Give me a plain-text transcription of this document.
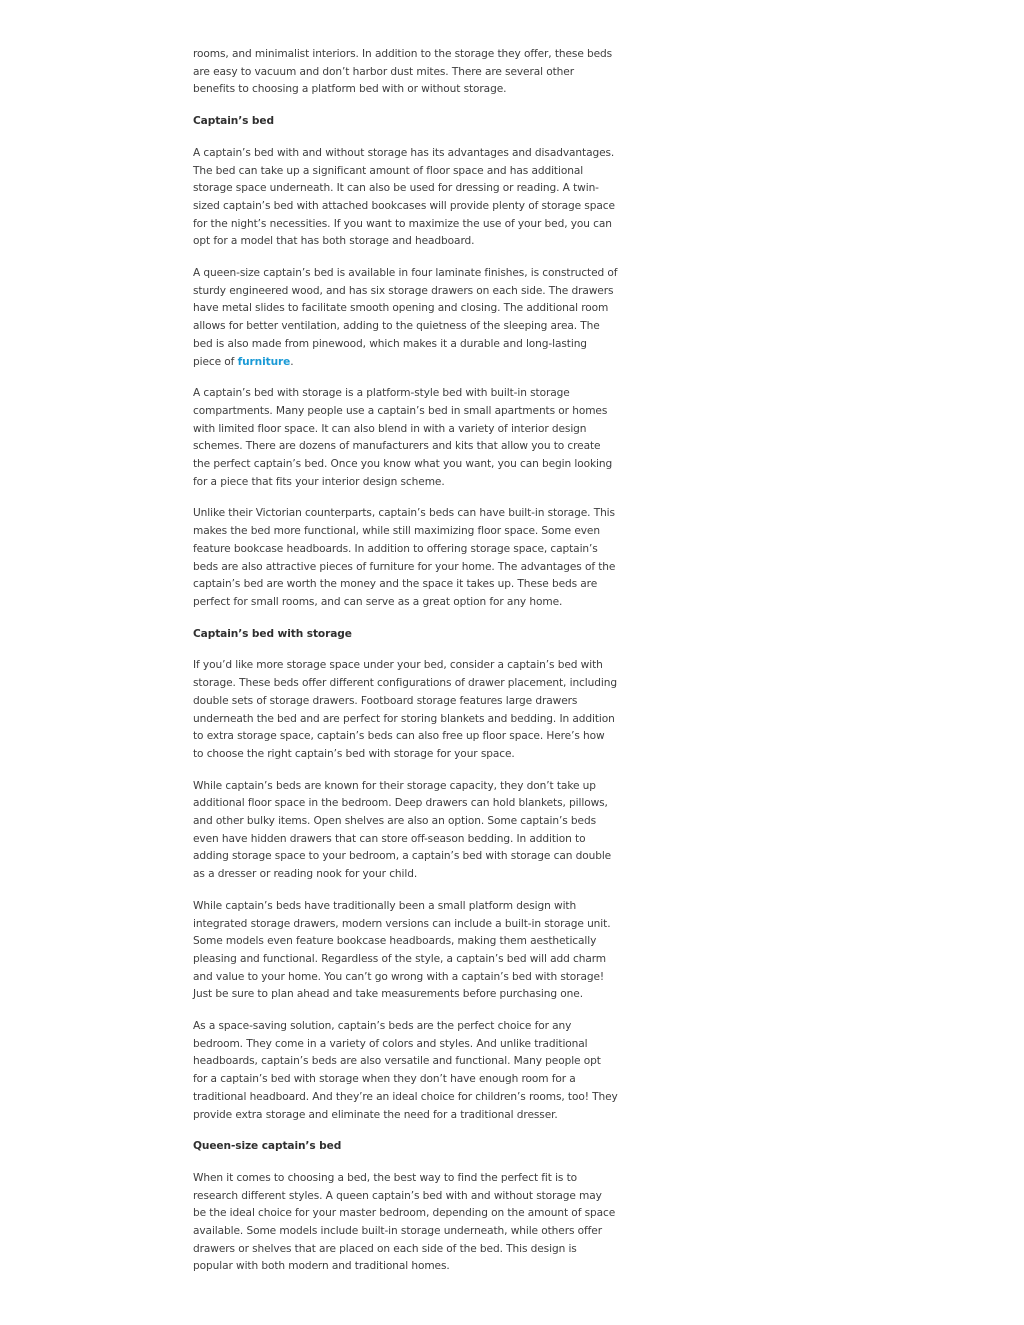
rooms, and minimalist interiors. In addition to the storage they offer, these beds are easy to vacuum and don’t harbor dust mites. There are several other benefits to choosing a platform bed with or without storage.

Captain’s bed

A captain’s bed with and without storage has its advantages and disadvantages. The bed can take up a significant amount of floor space and has additional storage space underneath. It can also be used for dressing or reading. A twin-sized captain’s bed with attached bookcases will provide plenty of storage space for the night’s necessities. If you want to maximize the use of your bed, you can opt for a model that has both storage and headboard.

A queen-size captain’s bed is available in four laminate finishes, is constructed of sturdy engineered wood, and has six storage drawers on each side. The drawers have metal slides to facilitate smooth opening and closing. The additional room allows for better ventilation, adding to the quietness of the sleeping area. The bed is also made from pinewood, which makes it a durable and long-lasting piece of furniture.

A captain’s bed with storage is a platform-style bed with built-in storage compartments. Many people use a captain’s bed in small apartments or homes with limited floor space. It can also blend in with a variety of interior design schemes. There are dozens of manufacturers and kits that allow you to create the perfect captain’s bed. Once you know what you want, you can begin looking for a piece that fits your interior design scheme.

Unlike their Victorian counterparts, captain’s beds can have built-in storage. This makes the bed more functional, while still maximizing floor space. Some even feature bookcase headboards. In addition to offering storage space, captain’s beds are also attractive pieces of furniture for your home. The advantages of the captain’s bed are worth the money and the space it takes up. These beds are perfect for small rooms, and can serve as a great option for any home.

Captain’s bed with storage

If you’d like more storage space under your bed, consider a captain’s bed with storage. These beds offer different configurations of drawer placement, including double sets of storage drawers. Footboard storage features large drawers underneath the bed and are perfect for storing blankets and bedding. In addition to extra storage space, captain’s beds can also free up floor space. Here’s how to choose the right captain’s bed with storage for your space.

While captain’s beds are known for their storage capacity, they don’t take up additional floor space in the bedroom. Deep drawers can hold blankets, pillows, and other bulky items. Open shelves are also an option. Some captain’s beds even have hidden drawers that can store off-season bedding. In addition to adding storage space to your bedroom, a captain’s bed with storage can double as a dresser or reading nook for your child.

While captain’s beds have traditionally been a small platform design with integrated storage drawers, modern versions can include a built-in storage unit. Some models even feature bookcase headboards, making them aesthetically pleasing and functional. Regardless of the style, a captain’s bed will add charm and value to your home. You can’t go wrong with a captain’s bed with storage! Just be sure to plan ahead and take measurements before purchasing one.

As a space-saving solution, captain’s beds are the perfect choice for any bedroom. They come in a variety of colors and styles. And unlike traditional headboards, captain’s beds are also versatile and functional. Many people opt for a captain’s bed with storage when they don’t have enough room for a traditional headboard. And they’re an ideal choice for children’s rooms, too! They provide extra storage and eliminate the need for a traditional dresser.

Queen-size captain’s bed

When it comes to choosing a bed, the best way to find the perfect fit is to research different styles. A queen captain’s bed with and without storage may be the ideal choice for your master bedroom, depending on the amount of space available. Some models include built-in storage underneath, while others offer drawers or shelves that are placed on each side of the bed. This design is popular with both modern and traditional homes.
